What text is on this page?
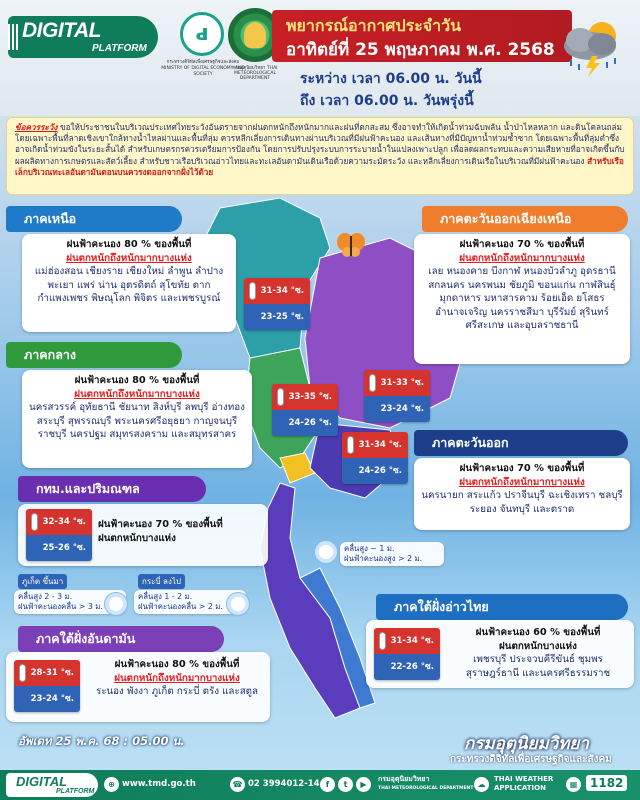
DIGITAL
PLATFORM
ԁ
กระทรวงดิจิทัลเพื่อเศรษฐกิจและสังคม MINISTRY OF DIGITAL ECONOMY AND SOCIETY
กรมอุตุนิยมวิทยา THAI METEOROLOGICAL DEPARTMENT
พยากรณ์อากาศประจำวัน
อาทิตย์ที่ 25 พฤษภาคม พ.ศ. 2568
ระหว่าง เวลา 06.00 น. วันนี้
ถึง เวลา 06.00 น. วันพรุ่งนี้
ข้อควรระวัง ขอให้ประชาชนในบริเวณประเทศไทยระวังอันตรายจากฝนตกหนักถึงหนักมากและฝนที่ตกสะสม ซึ่งอาจทำให้เกิดน้ำท่วมฉับพลัน น้ำป่าไหลหลาก และดินโคลนถล่ม โดยเฉพาะพื้นที่ลาดเชิงเขาใกล้ทางน้ำไหลผ่านและพื้นที่ลุ่ม ควรหลีกเลี่ยงการเดินทางผ่านบริเวณที่มีฝนฟ้าคะนอง และเส้นทางที่มีปัญหาน้ำท่วมซ้ำซาก โดยเฉพาะพื้นที่ลุ่มต่ำซึ่งอาจเกิดน้ำท่วมขังในระยะสั้นได้ สำหรับเกษตรกรควรเตรียมการป้องกัน โดยการปรับปรุงระบบการระบายน้ำในแปลงเพาะปลูก เพื่อลดผลกระทบและความเสียหายที่อาจเกิดขึ้นกับผลผลิตทางการเกษตรและสัตว์เลี้ยง สำหรับชาวเรือบริเวณอ่าวไทยและทะเลอันดามันเดินเรือด้วยความระมัดระวัง และหลีกเลี่ยงการเดินเรือในบริเวณที่มีฝนฟ้าคะนอง สำหรับเรือเล็กบริเวณทะเลอันดามันตอนบนควรงดออกจากฝั่งไว้ด้วย
ภาคเหนือ
ฝนฟ้าคะนอง 80 % ของพื้นที่
ฝนตกหนักถึงหนักมากบางแห่ง
แม่ฮ่องสอน เชียงราย เชียงใหม่ ลำพูน ลำปาง พะเยา แพร่ น่าน อุตรดิตถ์ สุโขทัย ตาก กำแพงเพชร พิษณุโลก พิจิตร และเพชรบูรณ์
31-34 °ซ.
23-25 °ซ.
ภาคตะวันออกเฉียงเหนือ
ฝนฟ้าคะนอง 70 % ของพื้นที่
ฝนตกหนักถึงหนักมากบางแห่ง
เลย หนองคาย บึงกาฬ หนองบัวลำภู อุดรธานี สกลนคร นครพนม ชัยภูมิ ขอนแก่น กาฬสินธุ์ มุกดาหาร มหาสารคาม ร้อยเอ็ด ยโสธร อำนาจเจริญ นครราชสีมา บุรีรัมย์ สุรินทร์ ศรีสะเกษ และอุบลราชธานี
31-33 °ซ.
23-24 °ซ.
ภาคกลาง
ฝนฟ้าคะนอง 80 % ของพื้นที่
ฝนตกหนักถึงหนักมากบางแห่ง
นครสวรรค์ อุทัยธานี ชัยนาท สิงห์บุรี ลพบุรี อ่างทอง สระบุรี สุพรรณบุรี พระนครศรีอยุธยา กาญจนบุรี ราชบุรี นครปฐม สมุทรสงคราม และสมุทรสาคร
33-35 °ซ.
24-26 °ซ.
31-34 °ซ.
24-26 °ซ.
ภาคตะวันออก
ฝนฟ้าคะนอง 70 % ของพื้นที่
ฝนตกหนักถึงหนักมากบางแห่ง
นครนายก สระแก้ว ปราจีนบุรี ฉะเชิงเทรา ชลบุรี ระยอง จันทบุรี และตราด
กทม.และปริมณฑล
32-34 °ซ.
25-26 °ซ.
ฝนฟ้าคะนอง 70 % ของพื้นที่
ฝนตกหนักบางแห่ง
คลื่นสูง ~ 1 ม.
ฝนฟ้าคะนองสูง > 2 ม.
ภูเก็ต ขึ้นมา
คลื่นสูง 2 - 3 ม.
ฝนฟ้าคะนองคลื่น > 3 ม.
กระบี่ ลงไป
คลื่นสูง 1 - 2 ม.
ฝนฟ้าคะนองคลื่น > 2 ม.	ภาคใต้ฝั่งอ่าวไทย
31-34 °ซ.
22-26 °ซ.
ฝนฟ้าคะนอง 60 % ของพื้นที่
ฝนตกหนักบางแห่ง
เพชรบุรี ประจวบคีรีขันธ์ ชุมพร สุราษฎร์ธานี และนครศรีธรรมราช
ภาคใต้ฝั่งอันดามัน
28-31 °ซ.
23-24 °ซ.
ฝนฟ้าคะนอง 80 % ของพื้นที่
ฝนตกหนักถึงหนักมากบางแห่ง
ระนอง พังงา ภูเก็ต กระบี่ ตรัง และสตูล
อัพเดท 25 พ.ค. 68 : 05.00 น.	กรมอุตุนิยมวิทยา
กระทรวงดิจิทัลเพื่อเศรษฐกิจและสังคม
DIGITAL
PLATFORM
⊕ www.tmd.go.th	☎ 02 3994012-14 f	t	▶
กรมอุตุนิยมวิทยา
THAI METEOROLOGICAL DEPARTMENT ☁
THAI WEATHER
APPLICATION	▦	1182
